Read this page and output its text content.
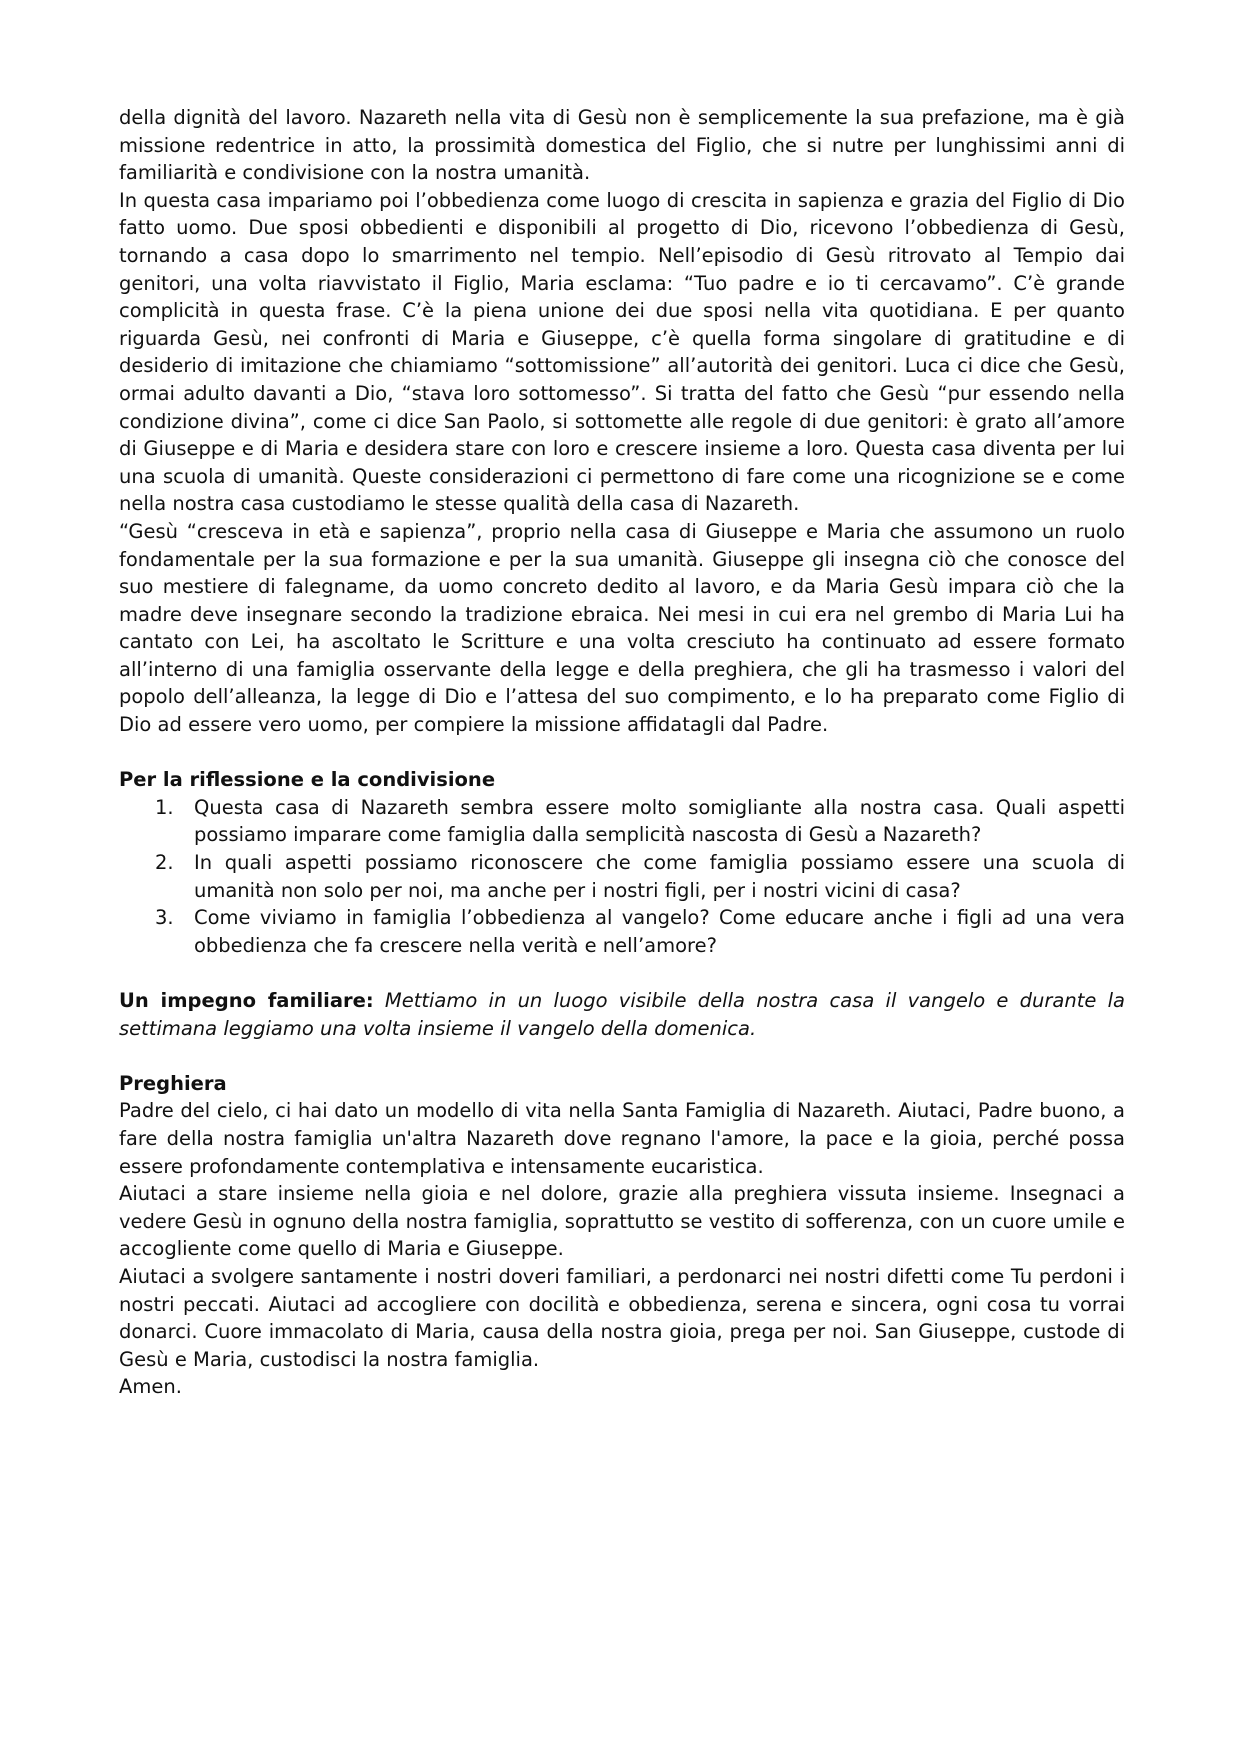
della dignità del lavoro. Nazareth nella vita di Gesù non è semplicemente la sua prefazione, ma è già missione redentrice in atto, la prossimità domestica del Figlio, che si nutre per lunghissimi anni di familiarità e condivisione con la nostra umanità.

In questa casa impariamo poi l’obbedienza come luogo di crescita in sapienza e grazia del Figlio di Dio fatto uomo. Due sposi obbedienti e disponibili al progetto di Dio, ricevono l’obbedienza di Gesù, tornando a casa dopo lo smarrimento nel tempio. Nell’episodio di Gesù ritrovato al Tempio dai genitori, una volta riavvistato il Figlio, Maria esclama: “Tuo padre e io ti cercavamo”. C’è grande complicità in questa frase. C’è la piena unione dei due sposi nella vita quotidiana. E per quanto riguarda Gesù, nei confronti di Maria e Giuseppe, c’è quella forma singolare di gratitudine e di desiderio di imitazione che chiamiamo “sottomissione” all’autorità dei genitori. Luca ci dice che Gesù, ormai adulto davanti a Dio, “stava loro sottomesso”. Si tratta del fatto che Gesù “pur essendo nella condizione divina”, come ci dice San Paolo, si sottomette alle regole di due genitori: è grato all’amore di Giuseppe e di Maria e desidera stare con loro e crescere insieme a loro. Questa casa diventa per lui una scuola di umanità. Queste considerazioni ci permettono di fare come una ricognizione se e come nella nostra casa custodiamo le stesse qualità della casa di Nazareth.

“Gesù “cresceva in età e sapienza”, proprio nella casa di Giuseppe e Maria che assumono un ruolo fondamentale per la sua formazione e per la sua umanità. Giuseppe gli insegna ciò che conosce del suo mestiere di falegname, da uomo concreto dedito al lavoro, e da Maria Gesù impara ciò che la madre deve insegnare secondo la tradizione ebraica. Nei mesi in cui era nel grembo di Maria Lui ha cantato con Lei, ha ascoltato le Scritture e una volta cresciuto ha continuato ad essere formato all’interno di una famiglia osservante della legge e della preghiera, che gli ha trasmesso i valori del popolo dell’alleanza, la legge di Dio e l’attesa del suo compimento, e lo ha preparato come Figlio di Dio ad essere vero uomo, per compiere la missione affidatagli dal Padre.

Per la riflessione e la condivisione

1. Questa casa di Nazareth sembra essere molto somigliante alla nostra casa. Quali aspetti possiamo imparare come famiglia dalla semplicità nascosta di Gesù a Nazareth?
2. In quali aspetti possiamo riconoscere che come famiglia possiamo essere una scuola di umanità non solo per noi, ma anche per i nostri figli, per i nostri vicini di casa?
3. Come viviamo in famiglia l’obbedienza al vangelo? Come educare anche i figli ad una vera obbedienza che fa crescere nella verità e nell’amore?

Un impegno familiare: Mettiamo in un luogo visibile della nostra casa il vangelo e durante la settimana leggiamo una volta insieme il vangelo della domenica.

Preghiera

Padre del cielo, ci hai dato un modello di vita nella Santa Famiglia di Nazareth. Aiutaci, Padre buono, a fare della nostra famiglia un'altra Nazareth dove regnano l'amore, la pace e la gioia, perché possa essere profondamente contemplativa e intensamente eucaristica.

Aiutaci a stare insieme nella gioia e nel dolore, grazie alla preghiera vissuta insieme. Insegnaci a vedere Gesù in ognuno della nostra famiglia, soprattutto se vestito di sofferenza, con un cuore umile e accogliente come quello di Maria e Giuseppe.

Aiutaci a svolgere santamente i nostri doveri familiari, a perdonarci nei nostri difetti come Tu perdoni i nostri peccati. Aiutaci ad accogliere con docilità e obbedienza, serena e sincera, ogni cosa tu vorrai donarci. Cuore immacolato di Maria, causa della nostra gioia, prega per noi. San Giuseppe, custode di Gesù e Maria, custodisci la nostra famiglia.

Amen.
